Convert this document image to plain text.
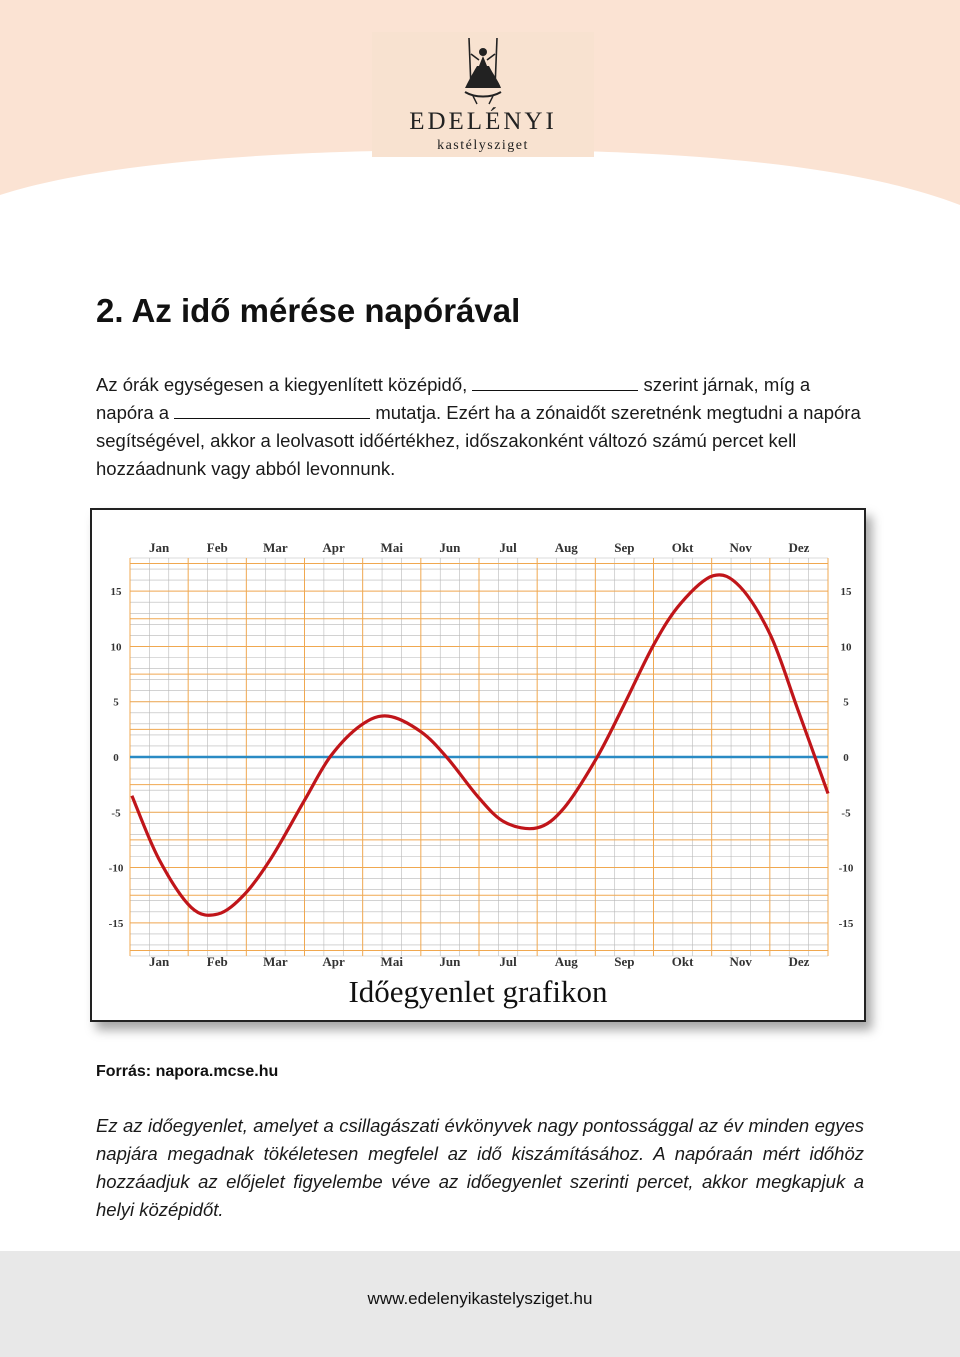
EDELÉNYI
kastélysziget
2. Az idő mérése napórával

Az órák egységesen a kiegyenlített középidő,	szerint járnak, míg a napóra a	mutatja. Ezért ha a zónaidőt szeretnénk megtudni a napóra segítségével, akkor a leolvasott időértékhez, időszakonként változó számú percet kell hozzáadnunk vagy abból levonnunk.

Jan
Jan
Feb
Feb
Mar
Mar
Apr
Apr
Mai
Mai
Jun
Jun
Jul
Jul
Aug
Aug
Sep
Sep
Okt
Okt
Nov
Nov
Dez
Dez
15	15
10	10
5	5
0	0
-5	-5
-10	-10
-15	-15
Időegyenlet grafikon

Forrás: napora.mcse.hu

Ez az időegyenlet, amelyet a csillagászati évkönyvek nagy pontossággal az év minden egyes napjára megadnak tökéletesen megfelel az idő kiszámításához. A napóraán mért időhöz hozzáadjuk az előjelet figyelembe véve az időegyenlet szerinti percet, akkor megkapjuk a helyi középidőt.

www.edelenyikastelysziget.hu
